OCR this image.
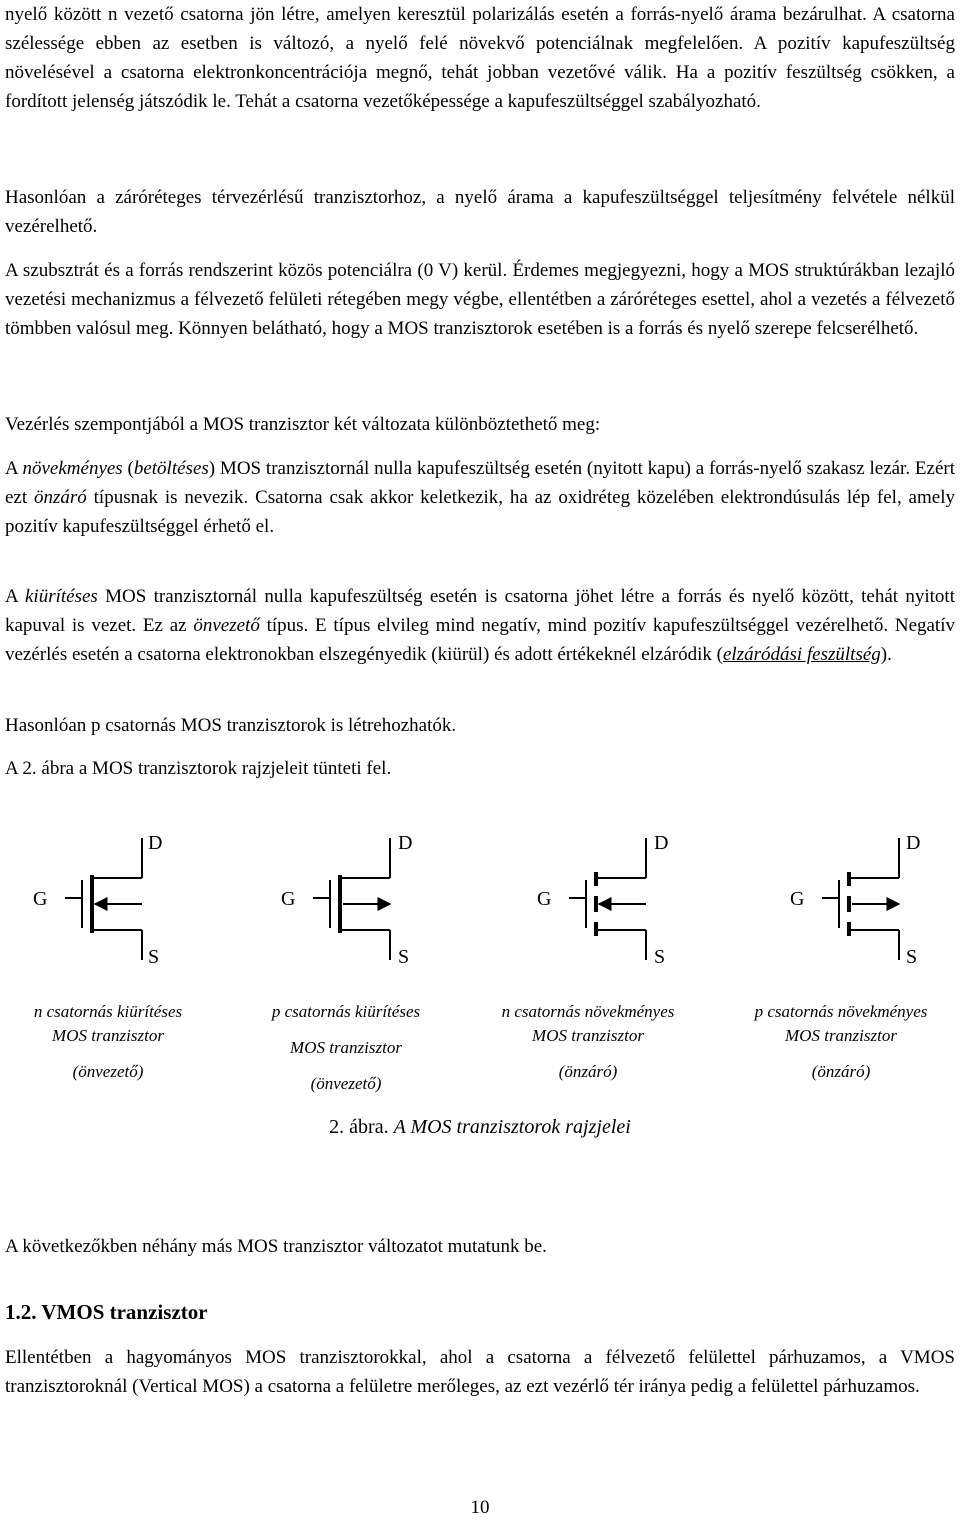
nyelő között n vezető csatorna jön létre, amelyen keresztül polarizálás esetén a forrás-nyelő árama bezárulhat. A csatorna szélessége ebben az esetben is változó, a nyelő felé növekvő potenciálnak megfelelően. A pozitív kapufeszültség növelésével a csatorna elektronkoncentrációja megnő, tehát jobban vezetővé válik. Ha a pozitív feszültség csökken, a fordított jelenség játszódik le. Tehát a csatorna vezetőképessége a kapufeszültséggel szabályozható.

Hasonlóan a záróréteges térvezérlésű tranzisztorhoz, a nyelő árama a kapufeszültséggel teljesítmény felvétele nélkül vezérelhető.

A szubsztrát és a forrás rendszerint közös potenciálra (0 V) kerül. Érdemes megjegyezni, hogy a MOS struktúrákban lezajló vezetési mechanizmus a félvezető felületi rétegében megy végbe, ellentétben a záróréteges esettel, ahol a vezetés a félvezető tömbben valósul meg. Könnyen belátható, hogy a MOS tranzisztorok esetében is a forrás és nyelő szerepe felcserélhető.

Vezérlés szempontjából a MOS tranzisztor két változata különböztethető meg:

A növekményes (betöltéses) MOS tranzisztornál nulla kapufeszültség esetén (nyitott kapu) a forrás-nyelő szakasz lezár. Ezért ezt önzáró típusnak is nevezik. Csatorna csak akkor keletkezik, ha az oxidréteg közelében elektrondúsulás lép fel, amely pozitív kapufeszültséggel érhető el.

A kiürítéses MOS tranzisztornál nulla kapufeszültség esetén is csatorna jöhet létre a forrás és nyelő között, tehát nyitott kapuval is vezet. Ez az önvezető típus. E típus elvileg mind negatív, mind pozitív kapufeszültséggel vezérelhető. Negatív vezérlés esetén a csatorna elektronokban elszegényedik (kiürül) és adott értékeknél elzáródik (elzáródási feszültség).

Hasonlóan p csatornás MOS tranzisztorok is létrehozhatók.

A 2. ábra a MOS tranzisztorok rajzjeleit tünteti fel.

D
G
S
D
G
S
D
G
S
D
G
S
n csatornás kiürítéses
MOS tranzisztor
(önvezető)
p csatornás kiürítéses
MOS tranzisztor
(önvezető)
n csatornás növekményes
MOS tranzisztor
(önzáró)
p csatornás növekményes
MOS tranzisztor
(önzáró)
2. ábra. A MOS tranzisztorok rajzjelei

A következőkben néhány más MOS tranzisztor változatot mutatunk be.

1.2. VMOS tranzisztor

Ellentétben a hagyományos MOS tranzisztorokkal, ahol a csatorna a félvezető felülettel párhuzamos, a VMOS tranzisztoroknál (Vertical MOS) a csatorna a felületre merőleges, az ezt vezérlő tér iránya pedig a felülettel párhuzamos.

10
